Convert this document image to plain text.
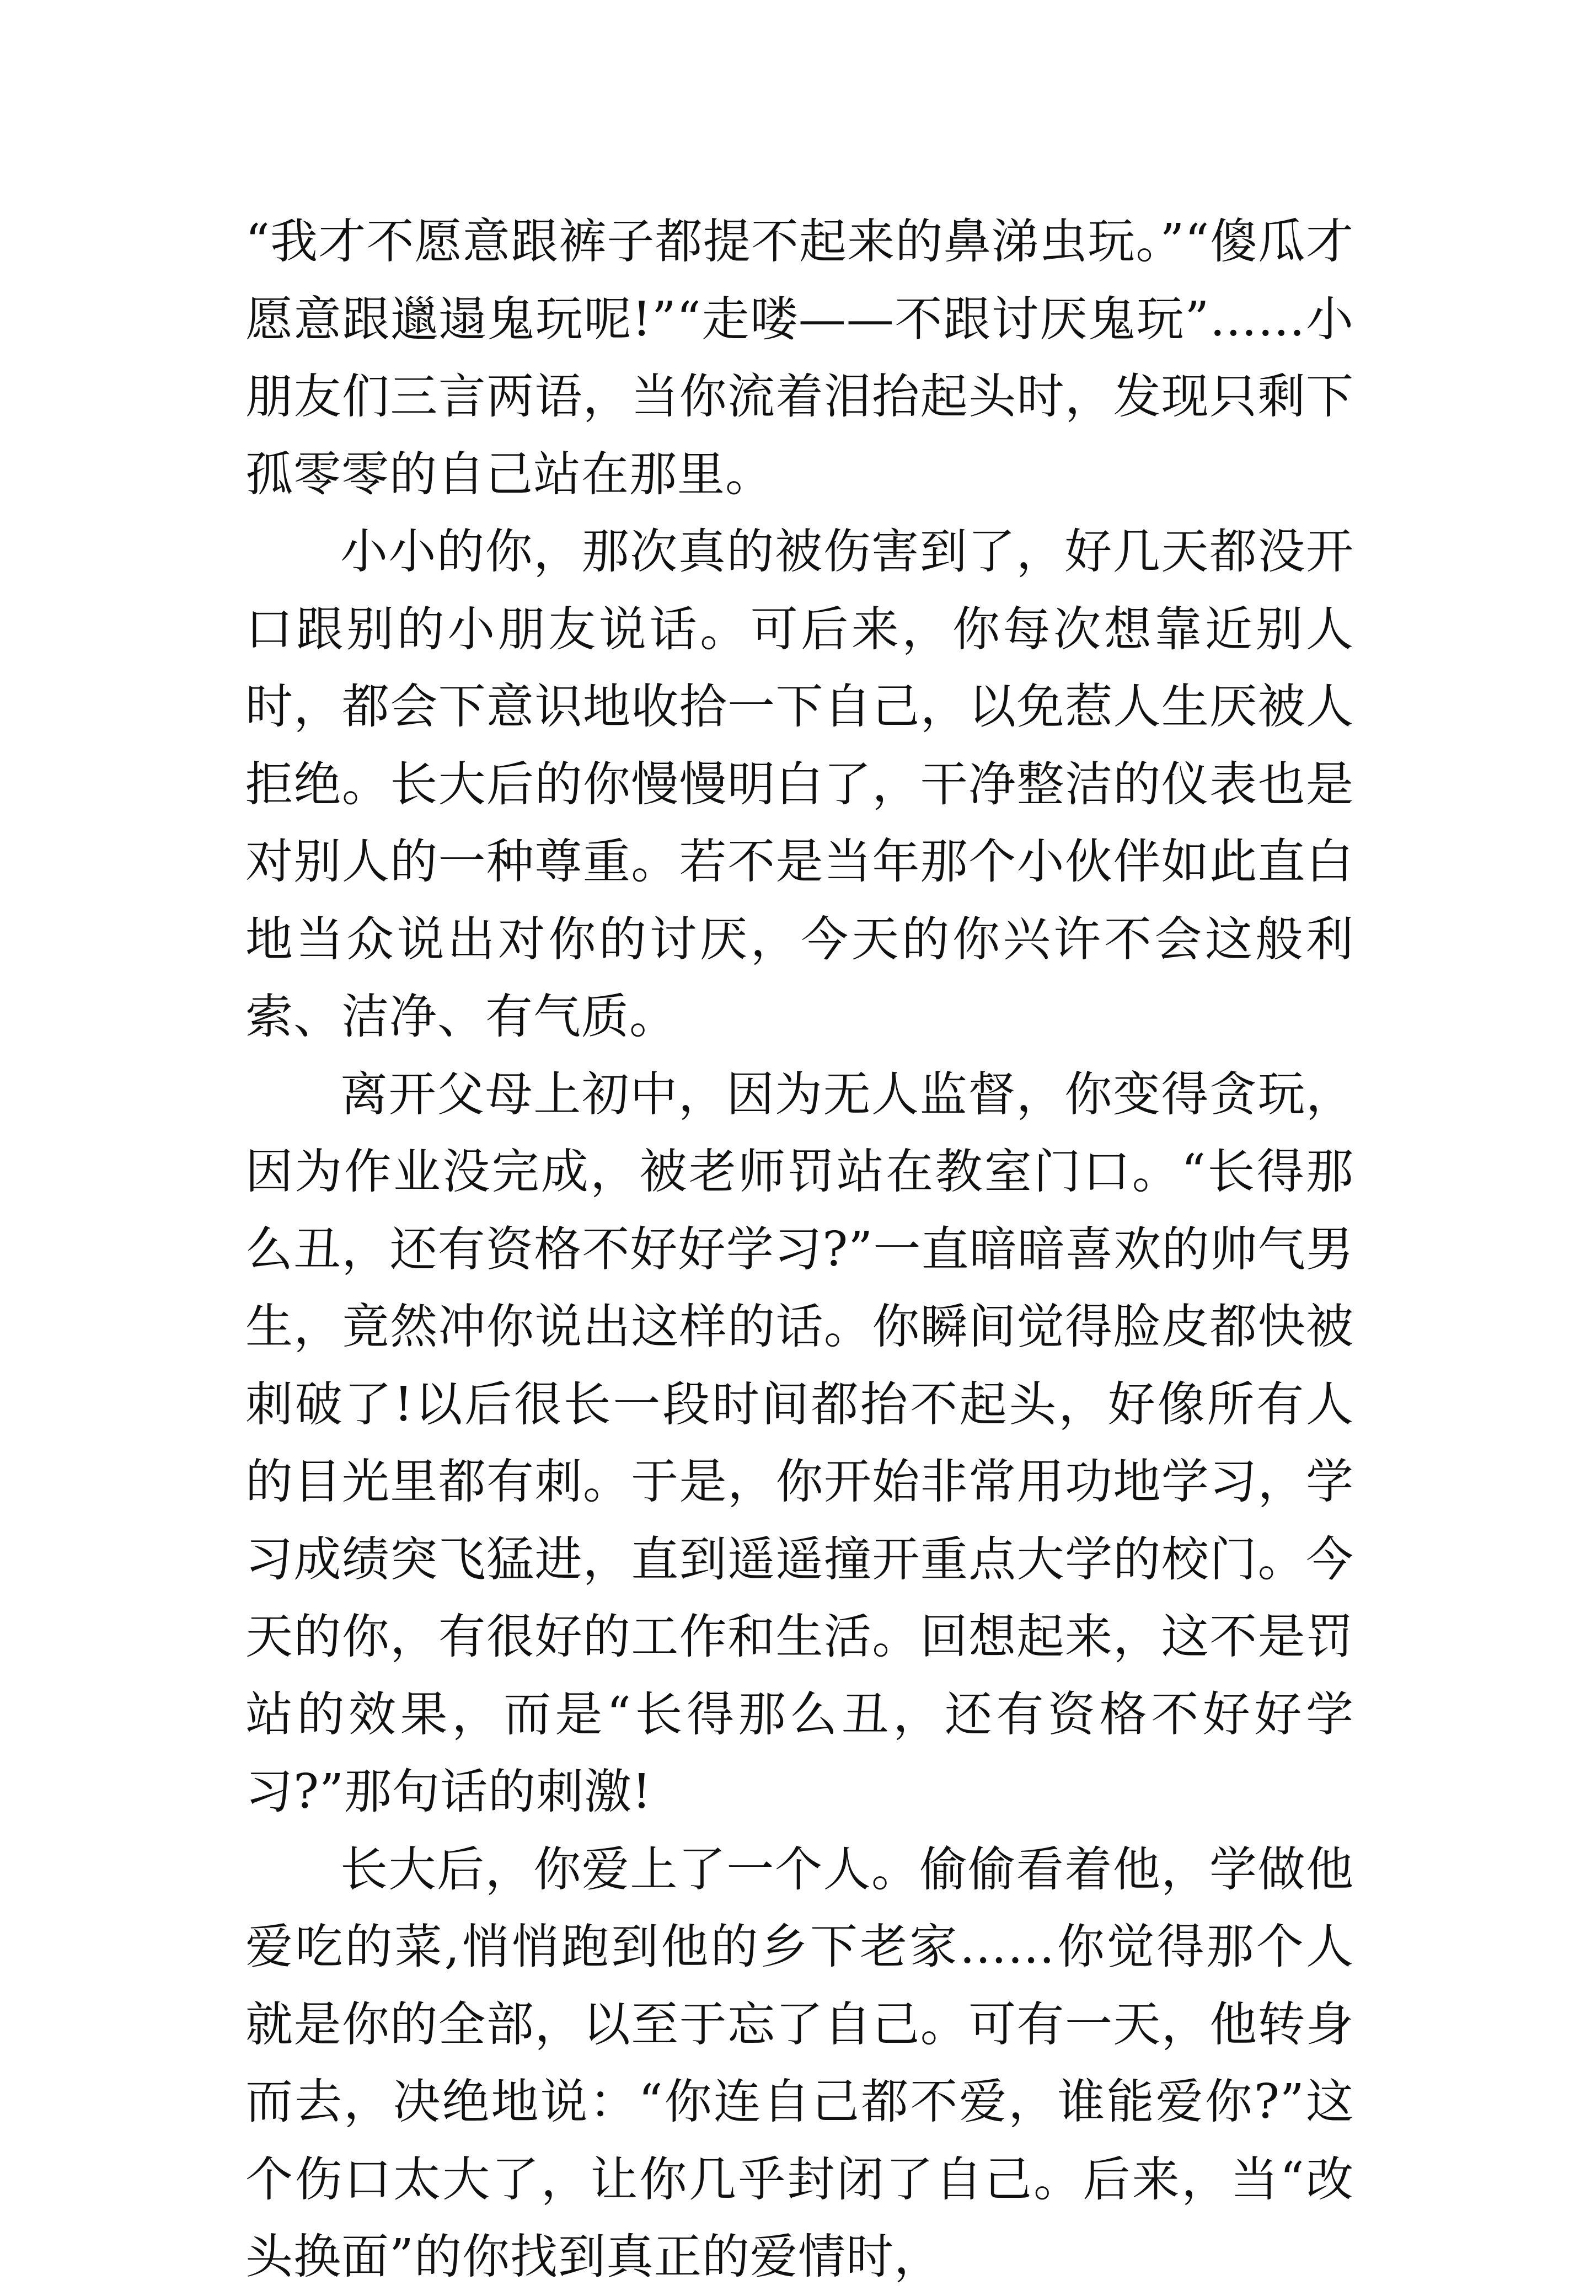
“我才不愿意跟裤子都提不起来的鼻涕虫玩。”“傻瓜才愿意跟邋遢鬼玩呢!”“走喽——不跟讨厌鬼玩”……小朋友们三言两语，当你流着泪抬起头时，发现只剩下孤零零的自己站在那里。

小小的你，那次真的被伤害到了，好几天都没开口跟别的小朋友说话。可后来，你每次想靠近别人时，都会下意识地收拾一下自己，以免惹人生厌被人拒绝。长大后的你慢慢明白了，干净整洁的仪表也是对别人的一种尊重。若不是当年那个小伙伴如此直白地当众说出对你的讨厌，今天的你兴许不会这般利索、洁净、有气质。

离开父母上初中，因为无人监督，你变得贪玩，因为作业没完成，被老师罚站在教室门口。“长得那么丑，还有资格不好好学习?”一直暗暗喜欢的帅气男生，竟然冲你说出这样的话。你瞬间觉得脸皮都快被刺破了!以后很长一段时间都抬不起头，好像所有人的目光里都有刺。于是，你开始非常用功地学习，学习成绩突飞猛进，直到遥遥撞开重点大学的校门。今天的你，有很好的工作和生活。回想起来，这不是罚站的效果，而是“长得那么丑，还有资格不好好学习?”那句话的刺激!

长大后，你爱上了一个人。偷偷看着他，学做他爱吃的菜,悄悄跑到他的乡下老家……你觉得那个人就是你的全部，以至于忘了自己。可有一天，他转身而去，决绝地说：“你连自己都不爱，谁能爱你?”这个伤口太大了，让你几乎封闭了自己。后来，当“改头换面”的你找到真正的爱情时，
